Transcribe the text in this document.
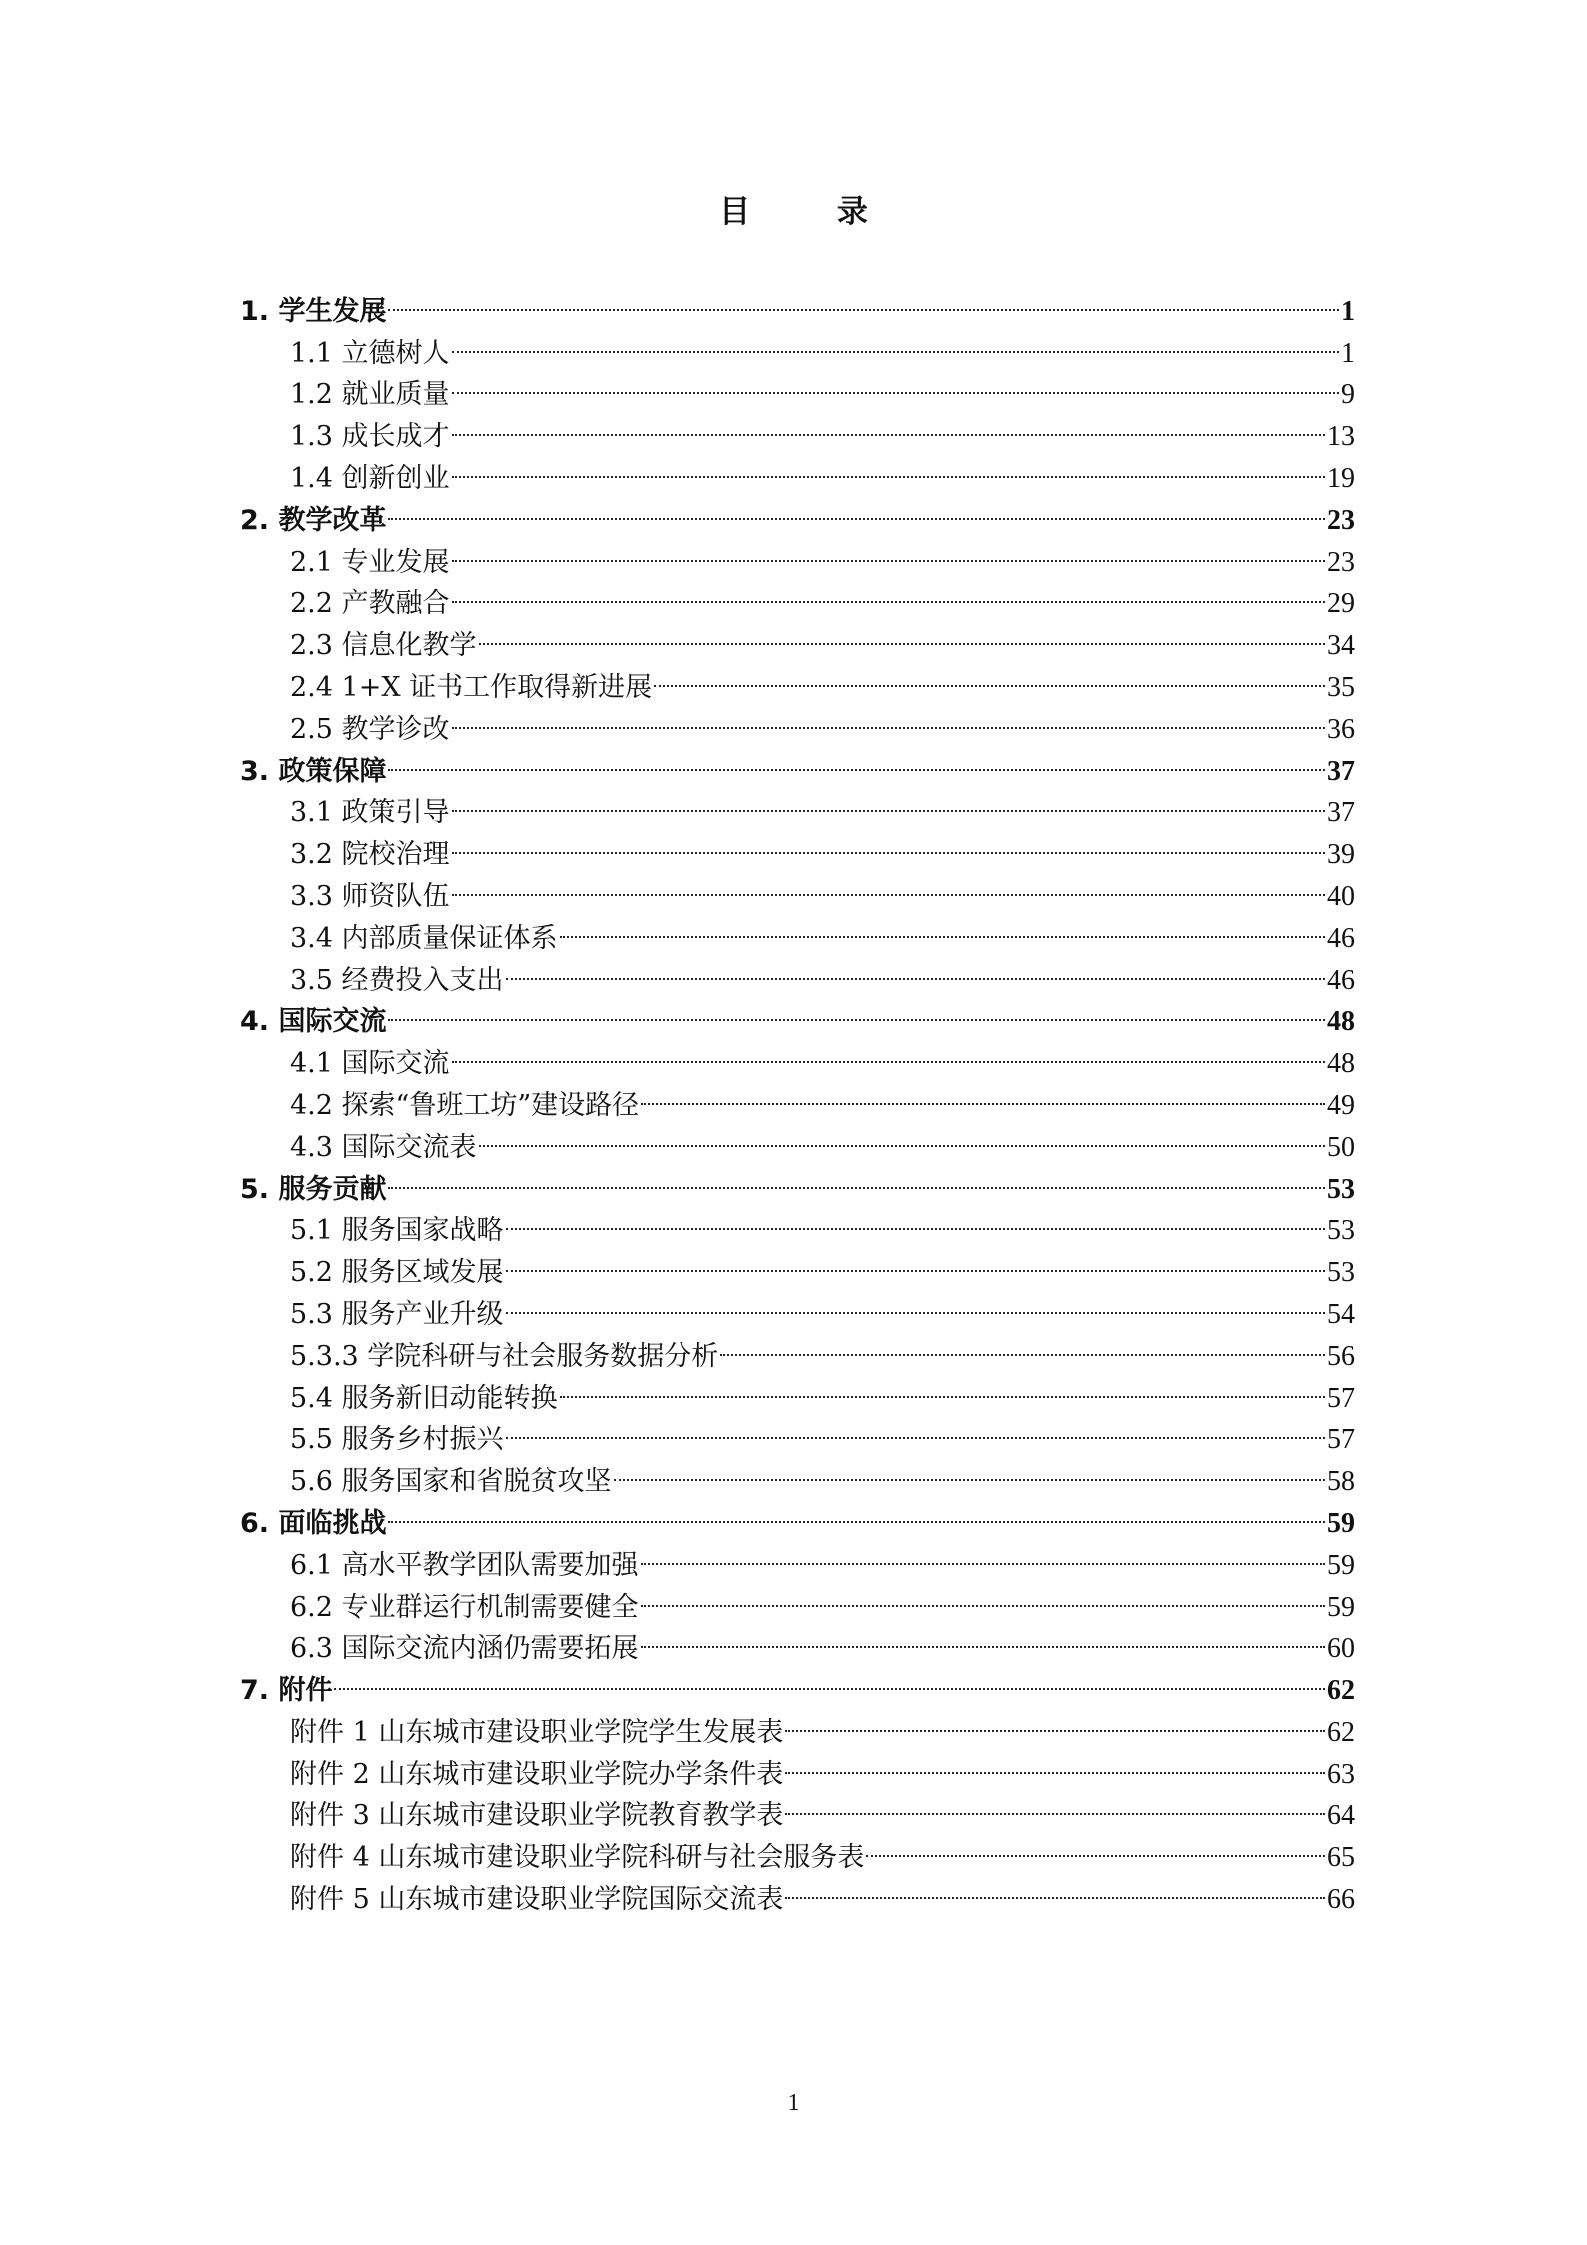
目 录
1. 学生发展	1
1.1 立德树人	1
1.2 就业质量	9
1.3 成长成才	13
1.4 创新创业	19
2. 教学改革	23
2.1 专业发展	23
2.2 产教融合	29
2.3 信息化教学	34
2.4 1+X 证书工作取得新进展	35
2.5 教学诊改	36
3. 政策保障	37
3.1 政策引导	37
3.2 院校治理	39
3.3 师资队伍	40
3.4 内部质量保证体系	46
3.5 经费投入支出	46
4. 国际交流	48
4.1 国际交流	48
4.2 探索“鲁班工坊”建设路径	49
4.3 国际交流表	50
5. 服务贡献	53
5.1 服务国家战略	53
5.2 服务区域发展	53
5.3 服务产业升级	54
5.3.3 学院科研与社会服务数据分析	56
5.4 服务新旧动能转换	57
5.5 服务乡村振兴	57
5.6 服务国家和省脱贫攻坚	58
6. 面临挑战	59
6.1 高水平教学团队需要加强	59
6.2 专业群运行机制需要健全	59
6.3 国际交流内涵仍需要拓展	60
7. 附件	62
附件 1 山东城市建设职业学院学生发展表	62
附件 2 山东城市建设职业学院办学条件表	63
附件 3 山东城市建设职业学院教育教学表	64
附件 4 山东城市建设职业学院科研与社会服务表	65
附件 5 山东城市建设职业学院国际交流表	66
1
